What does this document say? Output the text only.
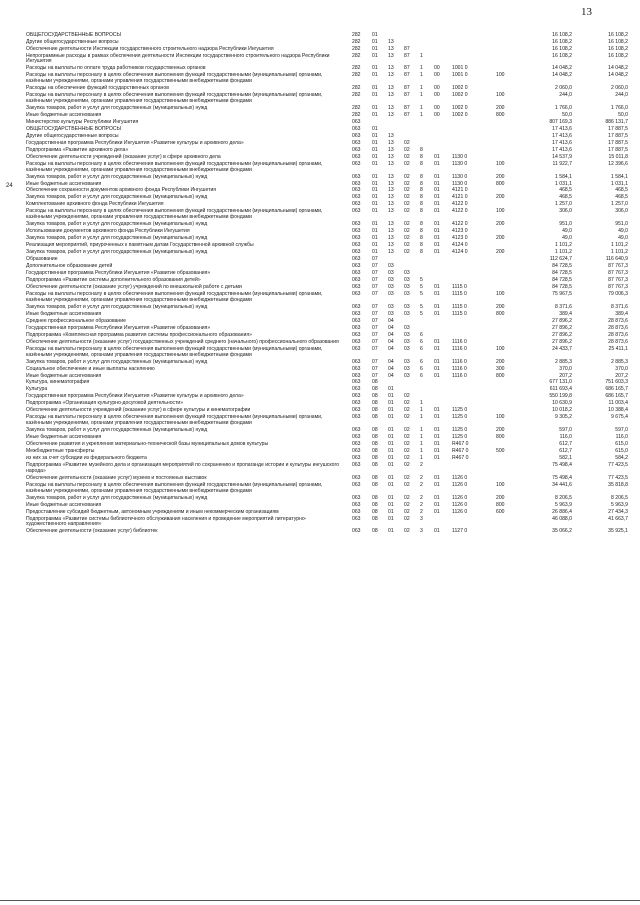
13
24
ОБЩЕГОСУДАРСТВЕННЫЕ ВОПРОСЫ	282 01	16 108,2	16 108,2
Другие общегосударственные вопросы	282 01 13	16 108,2	16 108,2
Обеспечение деятельности Инспекции государственного строительного надзора Республики Ингушетия	282 01 13 87	16 108,2	16 108,2
Непрограммные расходы в рамках обеспечения деятельности Инспекции государственного строительного надзора Республики Ингушетия
282 01 13 87 1	16 108,2	16 108,2
Расходы на выплаты по оплате труда работников государственных органов	282 01 13 87 1 00 1001 0	14 048,2	14 048,2
Расходы на выплаты персоналу в целях обеспечения выполнения функций государственными (муниципальными) органами, казёнными учреждениями, органами управления государственными внебюджетными фондами
282 01 13 87 1 00 1001 0	100	14 048,2	14 048,2
Расходы на обеспечение функций государственных органов	282 01 13 87 1 00 1002 0	2 060,0	2 060,0
Расходы на выплаты персоналу в целях обеспечения выполнения функций государственными (муниципальными) органами, казёнными учреждениями, органами управления государственными внебюджетными фондами
282 01 13 87 1 00 1002 0	100	244,0	244,0
Закупка товаров, работ и услуг для государственных (муниципальных) нужд	282 01 13 87 1 00 1002 0	200	1 766,0	1 766,0
Иные бюджетные ассигнования	282 01 13 87 1 00 1002 0	800	50,0	50,0
Министерство культуры Республики Ингушетия	063	807 169,3	886 131,7
ОБЩЕГОСУДАРСТВЕННЫЕ ВОПРОСЫ	063 01	17 413,6	17 887,5
Другие общегосударственные вопросы	063 01 13	17 413,6	17 887,5
Государственная программа Республики Ингушетия «Развитие культуры и архивного дела»	063 01 13 02	17 413,6	17 887,5
Подпрограмма «Развитие архивного дела»	063 01 13 02 8	17 413,6	17 887,5
Обеспечение деятельности учреждений (оказание услуг) в сфере архивного дела	063 01 13 02 8 01 1130 0	14 537,9	15 011,8
Расходы на выплаты персоналу в целях обеспечения выполнения функций государственными (муниципальными) органами, казёнными учреждениями, органами управления государственными внебюджетными фондами
063 01 13 02 8 01 1130 0	100	11 922,7	12 396,6
Закупка товаров, работ и услуг для государственных (муниципальных) нужд	063 01 13 02 8 01 1130 0	200	1 584,1	1 584,1
Иные бюджетные ассигнования	063 01 13 02 8 01 1130 0	800	1 031,1	1 031,1
Обеспечение сохранности документов архивного фонда Республики Ингушетия	063 01 13 02 8 01 4121 0	468,5	468,5
Закупка товаров, работ и услуг для государственных (муниципальных) нужд	063 01 13 02 8 01 4121 0	200	468,5	468,5
Комплектование архивного фонда Республики Ингушетия	063 01 13 02 8 01 4122 0	1 257,0	1 257,0
Расходы на выплаты персоналу в целях обеспечения выполнения функций государственными (муниципальными) органами, казёнными учреждениями, органами управления государственными внебюджетными фондами
063 01 13 02 8 01 4122 0	100	306,0	306,0
Закупка товаров, работ и услуг для государственных (муниципальных) нужд	063 01 13 02 8 01 4122 0	200	951,0	951,0
Использование документов архивного фонда Республики Ингушетия	063 01 13 02 8 01 4123 0	49,0	49,0
Закупка товаров, работ и услуг для государственных (муниципальных) нужд	063 01 13 02 8 01 4123 0	200	49,0	49,0
Реализация мероприятий, приуроченных к памятным датам Государственной архивной службы	063 01 13 02 8 01 4124 0	1 101,2	1 101,2
Закупка товаров, работ и услуг для государственных (муниципальных) нужд	063 01 13 02 8 01 4124 0	200	1 101,2	1 101,2
Образование	063 07	112 624,7	116 640,9
Дополнительное образование детей	063 07 03	84 728,5	87 767,3
Государственная программа Республики Ингушетия «Развитие образования»	063 07 03 03	84 728,5	87 767,3
Подпрограмма «Развитие системы дополнительного образования детей»	063 07 03 03 5	84 728,5	87 767,3
Обеспечение деятельности (оказание услуг) учреждений по внешкольной работе с детьми	063 07 03 03 5 01 1115 0	84 728,5	87 767,3
Расходы на выплаты персоналу в целях обеспечения выполнения функций государственными (муниципальными) органами, казёнными учреждениями, органами управления государственными внебюджетными фондами
063 07 03 03 5 01 1115 0	100	75 967,5	79 006,3
Закупка товаров, работ и услуг для государственных (муниципальных) нужд	063 07 03 03 5 01 1115 0	200	8 371,6	8 371,6
Иные бюджетные ассигнования	063 07 03 03 5 01 1115 0	800	389,4	389,4
Среднее профессиональное образование	063 07 04	27 896,2	28 873,6
Государственная программа Республики Ингушетия «Развитие образования»	063 07 04 03	27 896,2	28 873,6
Подпрограмма «Комплексная программа развития системы профессионального образования»	063 07 04 03 6	27 896,2	28 873,6
Обеспечение деятельности (оказание услуг) государственных учреждений среднего (начального) профессионального образования	063 07 04 03 6 01 1116 0	27 896,2	28 873,6
Расходы на выплаты персоналу в целях обеспечения выполнения функций государственными (муниципальными) органами, казёнными учреждениями, органами управления государственными внебюджетными фондами
063 07 04 03 6 01 1116 0	100	24 433,7	25 411,1
Закупка товаров, работ и услуг для государственных (муниципальных) нужд	063 07 04 03 6 01 1116 0	200	2 885,3	2 885,3
Социальное обеспечение и иные выплаты населению	063 07 04 03 6 01 1116 0	300	370,0	370,0
Иные бюджетные ассигнования	063 07 04 03 6 01 1116 0	800	207,2	207,2
Культура, кинематография	063 08	677 131,0	751 603,3
Культура	063 08 01	611 693,4	686 165,7
Государственная программа Республики Ингушетия «Развитие культуры и архивного дела»	063 08 01 02	550 199,8	686 165,7
Подпрограмма «Организация культурно-досуговой деятельности»	063 08 01 02 1	10 630,9	11 003,4
Обеспечение деятельности учреждений (оказание услуг) в сфере культуры и кинематографии	063 08 01 02 1 01 1125 0	10 018,2	10 388,4
Расходы на выплаты персоналу в целях обеспечения выполнения функций государственными (муниципальными) органами, казёнными учреждениями, органами управления государственными внебюджетными фондами
063 08 01 02 1 01 1125 0	100	9 305,2	9 675,4
Закупка товаров, работ и услуг для государственных (муниципальных) нужд	063 08 01 02 1 01 1125 0	200	597,0	597,0
Иные бюджетные ассигнования	063 08 01 02 1 01 1125 0	800	116,0	116,0
Обеспечение развития и укрепления материально-технической базы муниципальных домов культуры	063 08 01 02 1 01 R467 0	612,7	615,0
Межбюджетные трансферты	063 08 01 02 1 01 R467 0	500	612,7	615,0
из них за счет субсидии из федерального бюджета	063 08 01 02 1 01 R467 0	582,1	584,2
Подпрограмма «Развитие музейного дела и организация мероприятий по сохранению и пропаганде истории и культуры ингушского народа»
063 08 01 02 2	75 498,4	77 423,5
Обеспечение деятельности (оказание услуг) музеев и постоянных выставок	063 08 01 02 2 01 1126 0	75 498,4	77 423,5
Расходы на выплаты персоналу в целях обеспечения выполнения функций государственными (муниципальными) органами, казёнными учреждениями, органами управления государственными внебюджетными фондами
063 08 01 02 2 01 1126 0	100	34 441,6	35 818,8
Закупка товаров, работ и услуг для государственных (муниципальных) нужд	063 08 01 02 2 01 1126 0	200	8 206,5	8 206,5
Иные бюджетные ассигнования	063 08 01 02 2 01 1126 0	800	5 963,9	5 963,9
Предоставление субсидий бюджетным, автономным учреждениям и иным некоммерческим организациям	063 08 01 02 2 01 1126 0	600	26 886,4	27 434,3
Подпрограмма «Развитие системы библиотечного обслуживания населения и проведение мероприятий литературно-художественного направления»
063 08 01 02 3	46 088,0	41 663,7
Обеспечение деятельности (оказание услуг) библиотек	063 08 01 02 3 01 1127 0	35 066,2	35 925,1
